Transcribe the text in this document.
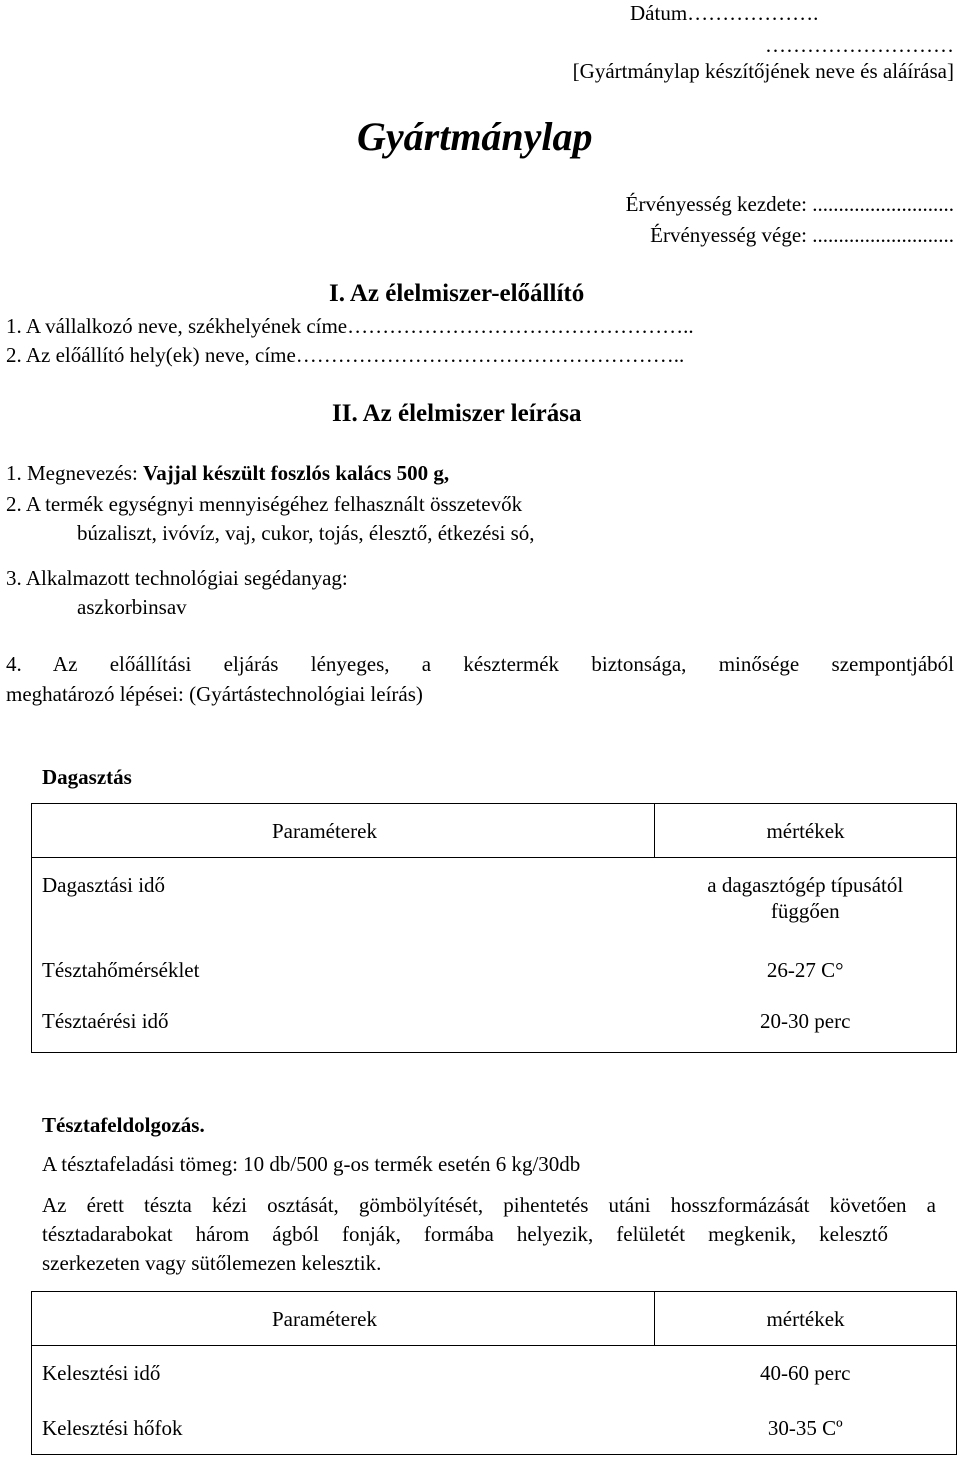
Dátum……………….
………………………
[Gyártmánylap készítőjének neve és aláírása]
Gyártmánylap
Érvényesség kezdete: ...........................
Érvényesség vége: ...........................
I. Az élelmiszer-előállító
1. A vállalkozó neve, székhelyének címe…………………………………………..
2. Az előállító hely(ek) neve, címe………………………………………………..
II. Az élelmiszer leírása
1. Megnevezés: Vajjal készült foszlós kalács 500 g,
2. A termék egységnyi mennyiségéhez felhasznált összetevők
búzaliszt, ivóvíz, vaj, cukor, tojás, élesztő, étkezési só,
3. Alkalmazott technológiai segédanyag:
aszkorbinsav
4. Az előállítási eljárás lényeges, a késztermék biztonsága, minősége szempontjából
meghatározó lépései: (Gyártástechnológiai leírás)
Dagasztás
Paraméterek	mértékek
Dagasztási idő	a dagasztógép típusától
függően

Tésztahőmérséklet	26-27 C°
Tésztaérési idő	20-30 perc
Tésztafeldolgozás.
A tésztafeladási tömeg: 10 db/500 g-os termék esetén 6 kg/30db
Az érett tészta kézi osztását, gömbölyítését, pihentetés utáni hosszformázását követően a
tésztadarabokat három ágból fonják, formába helyezik, felületét megkenik, kelesztő
szerkezeten vagy sütőlemezen kelesztik.
Paraméterek	mértékek
Kelesztési idő	40-60 perc
Kelesztési hőfok	30-35 Cº
